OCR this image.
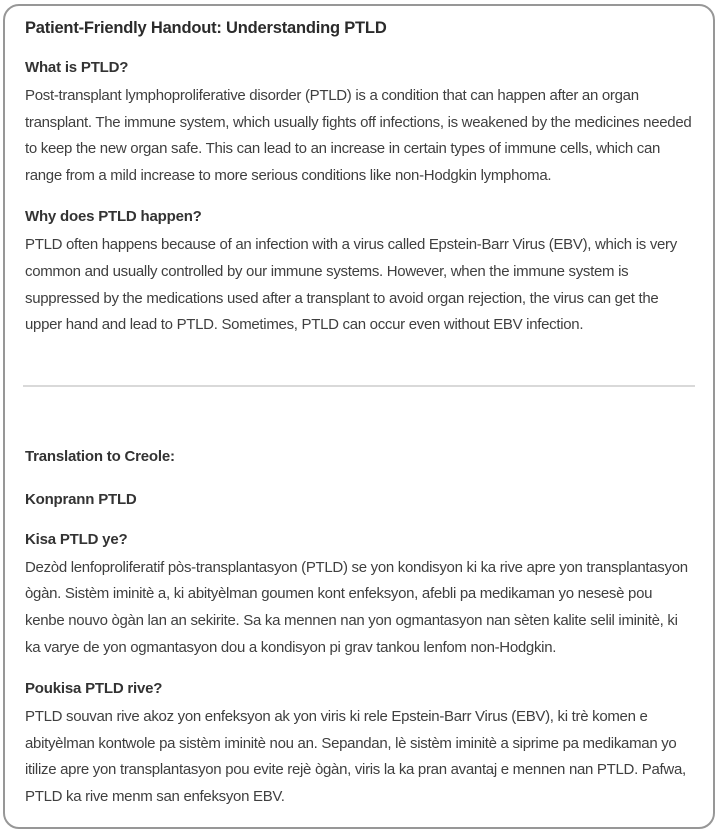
Patient-Friendly Handout: Understanding PTLD
What is PTLD?

Post-transplant lymphoproliferative disorder (PTLD) is a condition that can happen after an organ transplant. The immune system, which usually fights off infections, is weakened by the medicines needed to keep the new organ safe. This can lead to an increase in certain types of immune cells, which can range from a mild increase to more serious conditions like non-Hodgkin lymphoma.

Why does PTLD happen?

PTLD often happens because of an infection with a virus called Epstein-Barr Virus (EBV), which is very common and usually controlled by our immune systems. However, when the immune system is suppressed by the medications used after a transplant to avoid organ rejection, the virus can get the upper hand and lead to PTLD. Sometimes, PTLD can occur even without EBV infection.

Translation to Creole:

Konprann PTLD

Kisa PTLD ye?

Dezòd lenfoproliferatif pòs-transplantasyon (PTLD) se yon kondisyon ki ka rive apre yon transplantasyon ògàn. Sistèm iminitè a, ki abityèlman goumen kont enfeksyon, afebli pa medikaman yo nesesè pou kenbe nouvo ògàn lan an sekirite. Sa ka mennen nan yon ogmantasyon nan sèten kalite selil iminitè, ki ka varye de yon ogmantasyon dou a kondisyon pi grav tankou lenfom non-Hodgkin.

Poukisa PTLD rive?

PTLD souvan rive akoz yon enfeksyon ak yon viris ki rele Epstein-Barr Virus (EBV), ki trè komen e abityèlman kontwole pa sistèm iminitè nou an. Sepandan, lè sistèm iminitè a siprime pa medikaman yo itilize apre yon transplantasyon pou evite rejè ògàn, viris la ka pran avantaj e mennen nan PTLD. Pafwa, PTLD ka rive menm san enfeksyon EBV.
